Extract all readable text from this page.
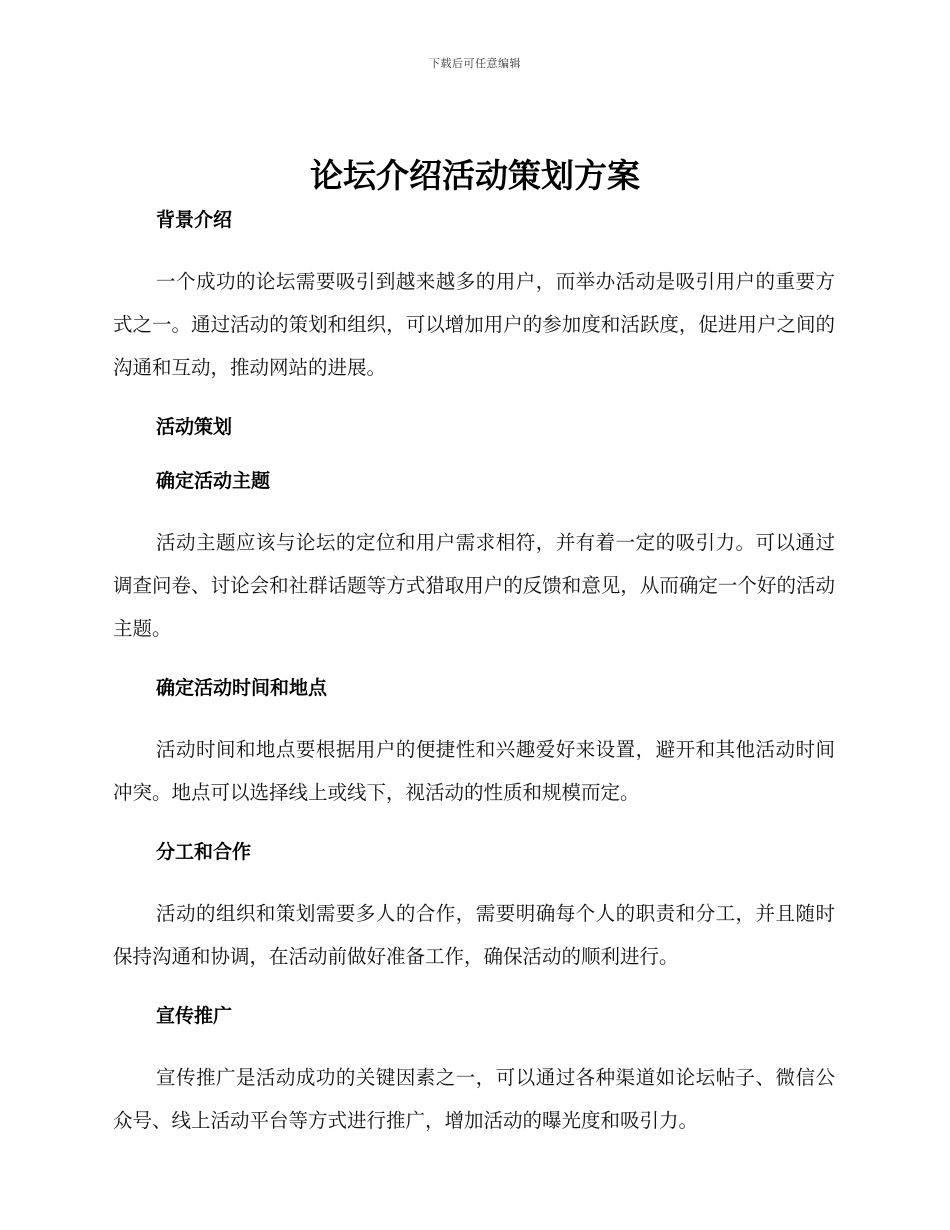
下载后可任意编辑
论坛介绍活动策划方案
背景介绍

一个成功的论坛需要吸引到越来越多的用户，而举办活动是吸引用户的重要方式之一。通过活动的策划和组织，可以增加用户的参加度和活跃度，促进用户之间的沟通和互动，推动网站的进展。

活动策划
确定活动主题

活动主题应该与论坛的定位和用户需求相符，并有着一定的吸引力。可以通过调查问卷、讨论会和社群话题等方式猎取用户的反馈和意见，从而确定一个好的活动主题。

确定活动时间和地点

活动时间和地点要根据用户的便捷性和兴趣爱好来设置，避开和其他活动时间冲突。地点可以选择线上或线下，视活动的性质和规模而定。

分工和合作

活动的组织和策划需要多人的合作，需要明确每个人的职责和分工，并且随时保持沟通和协调，在活动前做好准备工作，确保活动的顺利进行。

宣传推广

宣传推广是活动成功的关键因素之一，可以通过各种渠道如论坛帖子、微信公众号、线上活动平台等方式进行推广，增加活动的曝光度和吸引力。
